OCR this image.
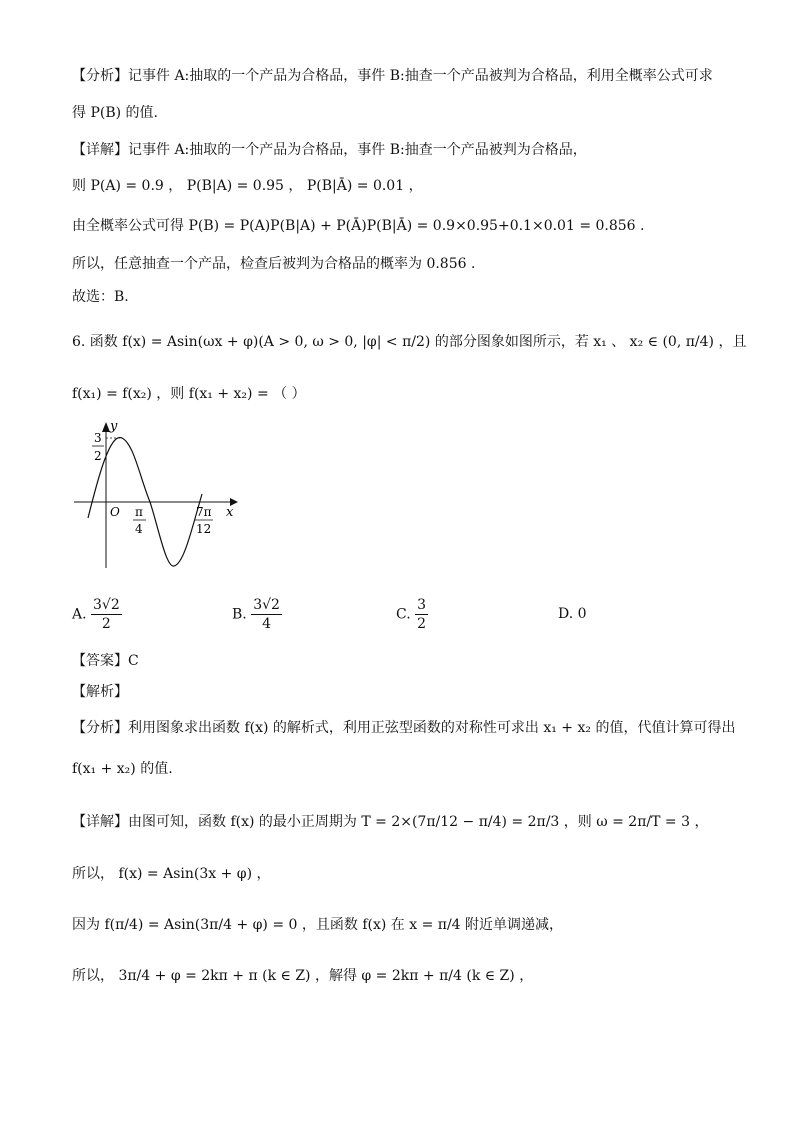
【分析】记事件 A:抽取的一个产品为合格品，事件 B:抽查一个产品被判为合格品，利用全概率公式可求
得 P(B) 的值.
【详解】记事件 A:抽取的一个产品为合格品，事件 B:抽查一个产品被判为合格品，
则 P(A) = 0.9 ， P(B|A) = 0.95 ， P(B|Ā) = 0.01 ，
由全概率公式可得 P(B) = P(A)P(B|A) + P(Ā)P(B|Ā) = 0.9×0.95+0.1×0.01 = 0.856 .
所以，任意抽查一个产品，检查后被判为合格品的概率为 0.856 .
故选：B.
6. 函数 f(x) = Asin(ωx + φ)(A > 0, ω > 0, |φ| < π/2) 的部分图象如图所示，若 x₁ 、 x₂ ∈ (0, π/4) ，且
f(x₁) = f(x₂) ，则 f(x₁ + x₂) = （ ）
y
x
O
3
2
π
4
7π
12
A. $\frac{3√2}{2}$	B. $\frac{3√2}{4}$	C. $\frac{3}{2}$	D. 0
【答案】C
【解析】
【分析】利用图象求出函数 f(x) 的解析式，利用正弦型函数的对称性可求出 x₁ + x₂ 的值，代值计算可得出
f(x₁ + x₂) 的值.
【详解】由图可知，函数 f(x) 的最小正周期为 T = 2×(7π/12 − π/4) = 2π/3 ，则 ω = 2π/T = 3 ，
所以， f(x) = Asin(3x + φ) ，
因为 f(π/4) = Asin(3π/4 + φ) = 0 ，且函数 f(x) 在 x = π/4 附近单调递减，
所以， 3π/4 + φ = 2kπ + π (k ∈ Z) ，解得 φ = 2kπ + π/4 (k ∈ Z) ，
